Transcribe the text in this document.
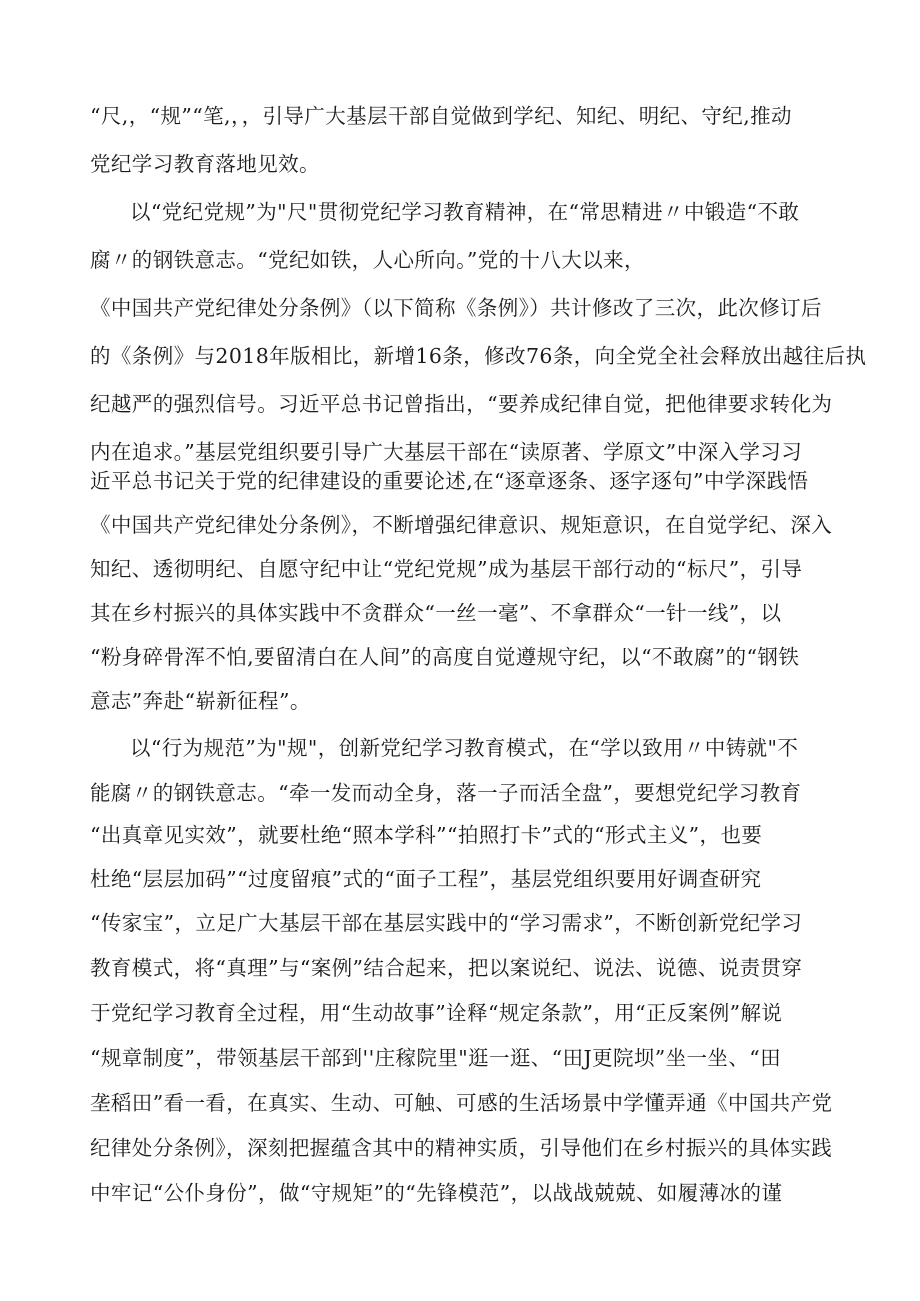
“尺,，“规”“笔,，，引导广大基层干部自觉做到学纪、知纪、明纪、守纪,推动
党纪学习教育落地见效。
以“党纪党规”为"尺"贯彻党纪学习教育精神，在“常思精进〃中锻造“不敢
腐〃的钢铁意志。“党纪如铁，人心所向。”党的十八大以来，
《中国共产党纪律处分条例》（以下简称《条例》）共计修改了三次，此次修订后
的《条例》与2018年版相比，新增16条，修改76条，向全党全社会释放出越往后执
纪越严的强烈信号。习近平总书记曾指出，“要养成纪律自觉，把他律要求转化为
内在追求。”基层党组织要引导广大基层干部在“读原著、学原文”中深入学习习
近平总书记关于党的纪律建设的重要论述,在“逐章逐条、逐字逐句”中学深践悟
《中国共产党纪律处分条例》，不断增强纪律意识、规矩意识，在自觉学纪、深入
知纪、透彻明纪、自愿守纪中让“党纪党规”成为基层干部行动的“标尺”，引导
其在乡村振兴的具体实践中不贪群众“一丝一毫”、不拿群众“一针一线”，以
“粉身碎骨浑不怕,要留清白在人间”的高度自觉遵规守纪，以“不敢腐”的“钢铁
意志”奔赴“崭新征程”。
以“行为规范”为"规"，创新党纪学习教育模式，在“学以致用〃中铸就"不
能腐〃的钢铁意志。“牵一发而动全身，落一子而活全盘”，要想党纪学习教育
“出真章见实效”，就要杜绝“照本学科”“拍照打卡”式的“形式主义”，也要
杜绝“层层加码”“过度留痕”式的“面子工程”，基层党组织要用好调查研究
“传家宝”，立足广大基层干部在基层实践中的“学习需求”，不断创新党纪学习
教育模式，将“真理”与“案例”结合起来，把以案说纪、说法、说德、说责贯穿
于党纪学习教育全过程，用“生动故事”诠释“规定条款”，用“正反案例”解说
“规章制度”，带领基层干部到''庄稼院里"逛一逛、“田J更院坝”坐一坐、“田
垄稻田”看一看，在真实、生动、可触、可感的生活场景中学懂弄通《中国共产党
纪律处分条例》，深刻把握蕴含其中的精神实质，引导他们在乡村振兴的具体实践
中牢记“公仆身份”，做“守规矩”的“先锋模范”，以战战兢兢、如履薄冰的谨
